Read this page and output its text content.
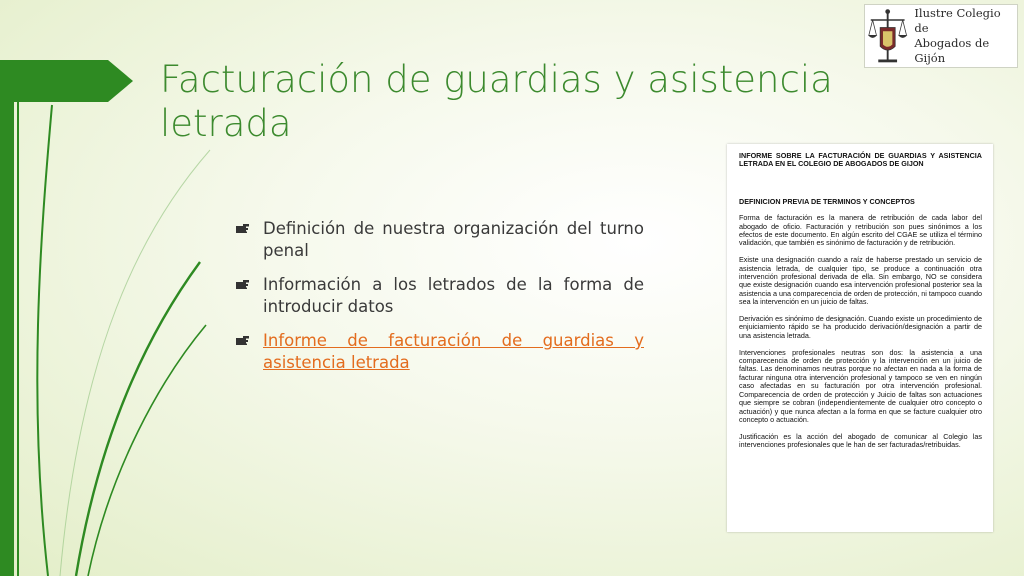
Facturación de guardias y asistencia letrada
Ilustre Colegio de
Abogados de Gijón
Definición de nuestra organización del turno penal
Información a los letrados de la forma de introducir datos
Informe de facturación de guardias y asistencia letrada
INFORME SOBRE LA FACTURACIÓN DE GUARDIAS Y ASISTENCIA LETRADA EN EL COLEGIO DE ABOGADOS DE GIJON
DEFINICION PREVIA DE TERMINOS Y CONCEPTOS

Forma de facturación es la manera de retribución de cada labor del abogado de oficio. Facturación y retribución son pues sinónimos a los efectos de este documento. En algún escrito del CGAE se utiliza el término validación, que también es sinónimo de facturación y de retribución.

Existe una designación cuando a raíz de haberse prestado un servicio de asistencia letrada, de cualquier tipo, se produce a continuación otra intervención profesional derivada de ella. Sin embargo, NO se considera que existe designación cuando esa intervención profesional posterior sea la asistencia a una comparecencia de orden de protección, ni tampoco cuando sea la intervención en un juicio de faltas.

Derivación es sinónimo de designación. Cuando existe un procedimiento de enjuiciamiento rápido se ha producido derivación/designación a partir de una asistencia letrada.

Intervenciones profesionales neutras son dos: la asistencia a una comparecencia de orden de protección y la intervención en un juicio de faltas. Las denominamos neutras porque no afectan en nada a la forma de facturar ninguna otra intervención profesional y tampoco se ven en ningún caso afectadas en su facturación por otra intervención profesional. Comparecencia de orden de protección y Juicio de faltas son actuaciones que siempre se cobran (independientemente de cualquier otro concepto o actuación) y que nunca afectan a la forma en que se facture cualquier otro concepto o actuación.

Justificación es la acción del abogado de comunicar al Colegio las intervenciones profesionales que le han de ser facturadas/retribuidas.
